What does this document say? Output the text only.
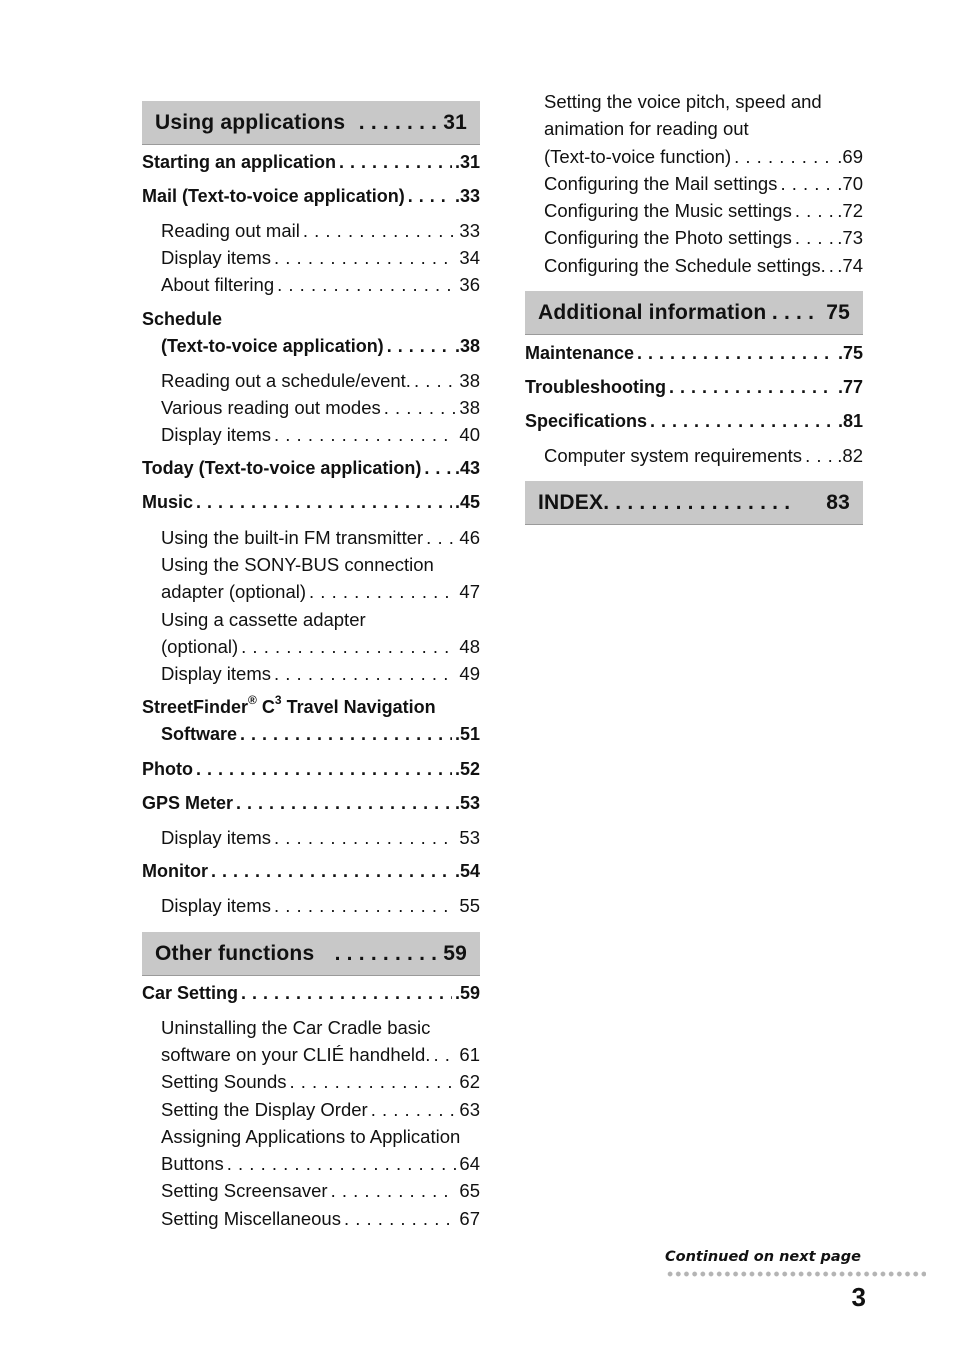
Using applications . . . . . . . 31
Starting an application . . .	.31
Mail (Text-to-voice application) . . .	.33
Reading out mail . . .	33
Display items . . .	34
About filtering . . .	36
Schedule
(Text-to-voice application) . . .	.38
Reading out a schedule/event. . . .	38
Various reading out modes . . .	38
Display items . . .	40
Today (Text-to-voice application) . . . .43
Music . . .	.45
Using the built-in FM transmitter . . . 46
Using the SONY-BUS connection
adapter (optional) . . .	47
Using a cassette adapter
(optional) . . .	48
Display items . . .	49
StreetFinder® $C^3$ Travel Navigation
Software . . .	.51
Photo . . .	.52
GPS Meter . . .	.53
Display items . . .	53
Monitor . . .	.54
Display items . . .	55
Other functions . . . . . . . . . 59
Car Setting . . .	.59
Uninstalling the Car Cradle basic
software on your CLIÉ handheld. . . . 61
Setting Sounds . . .	62
Setting the Display Order . . .	63
Assigning Applications to Application
Buttons . . .	64
Setting Screensaver . . .	65
Setting Miscellaneous . . .	67
Setting the voice pitch, speed and
animation for reading out
(Text-to-voice function) . . .	.69
Configuring the Mail settings . . .	.70
Configuring the Music settings . . . .72
Configuring the Photo settings . . . .73
Configuring the Schedule settings. . . . .74
Additional information . . . .  75
Maintenance . . .	.75
Troubleshooting . . .	.77
Specifications . . .	.81
Computer system requirements . . . .82
INDEX. . . . . . . . . . . . . . . . 83
Continued on next page
3
